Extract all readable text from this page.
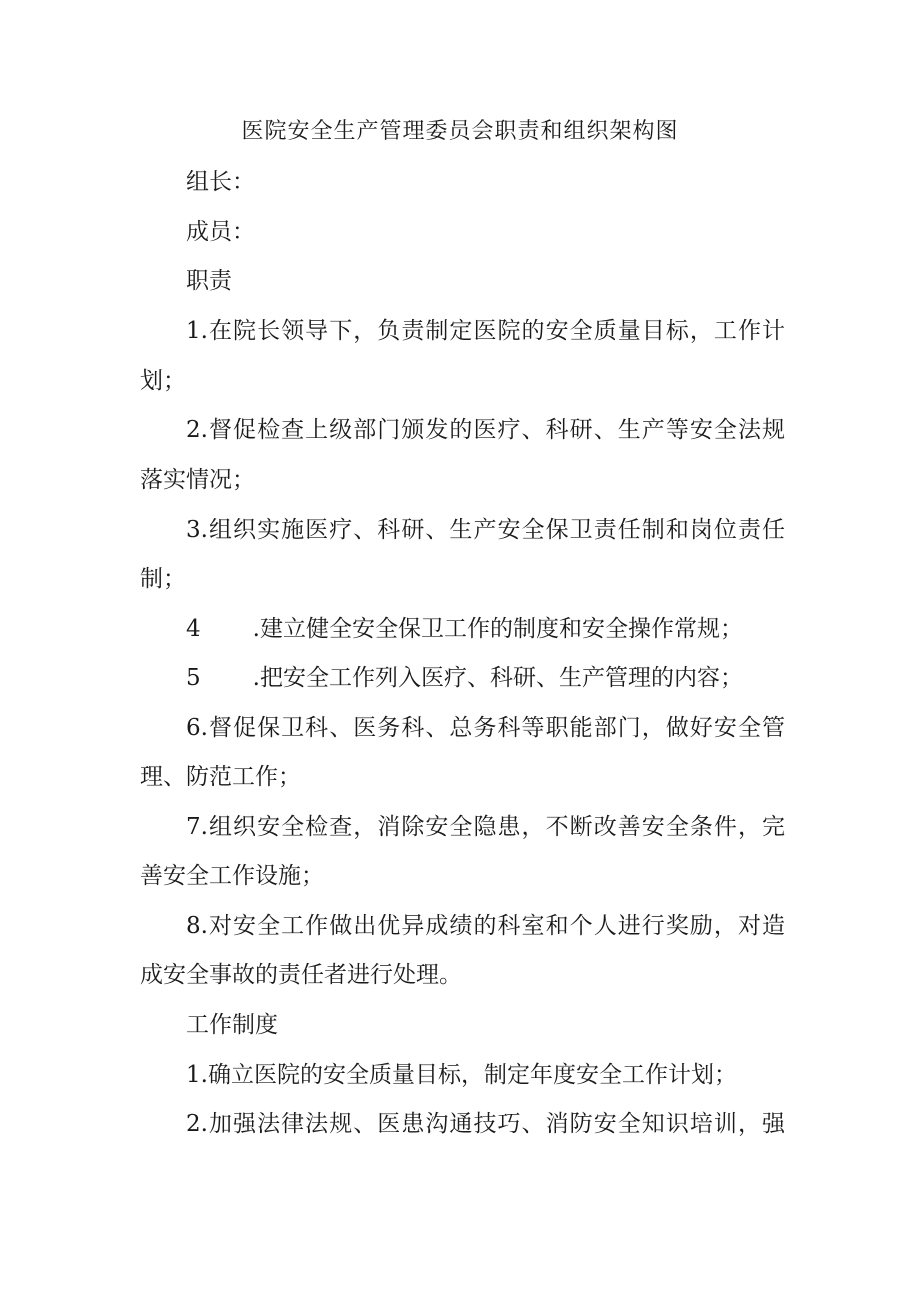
医院安全生产管理委员会职责和组织架构图
组长：
成员：
职责
1.在院长领导下，负责制定医院的安全质量目标，工作计
划；
2.督促检查上级部门颁发的医疗、科研、生产等安全法规
落实情况；
3.组织实施医疗、科研、生产安全保卫责任制和岗位责任
制；
4 .建立健全安全保卫工作的制度和安全操作常规；
5 .把安全工作列入医疗、科研、生产管理的内容；
6.督促保卫科、医务科、总务科等职能部门，做好安全管
理、防范工作；
7.组织安全检查，消除安全隐患，不断改善安全条件，完
善安全工作设施；
8.对安全工作做出优异成绩的科室和个人进行奖励，对造
成安全事故的责任者进行处理。
工作制度
1.确立医院的安全质量目标，制定年度安全工作计划；
2.加强法律法规、医患沟通技巧、消防安全知识培训，强
